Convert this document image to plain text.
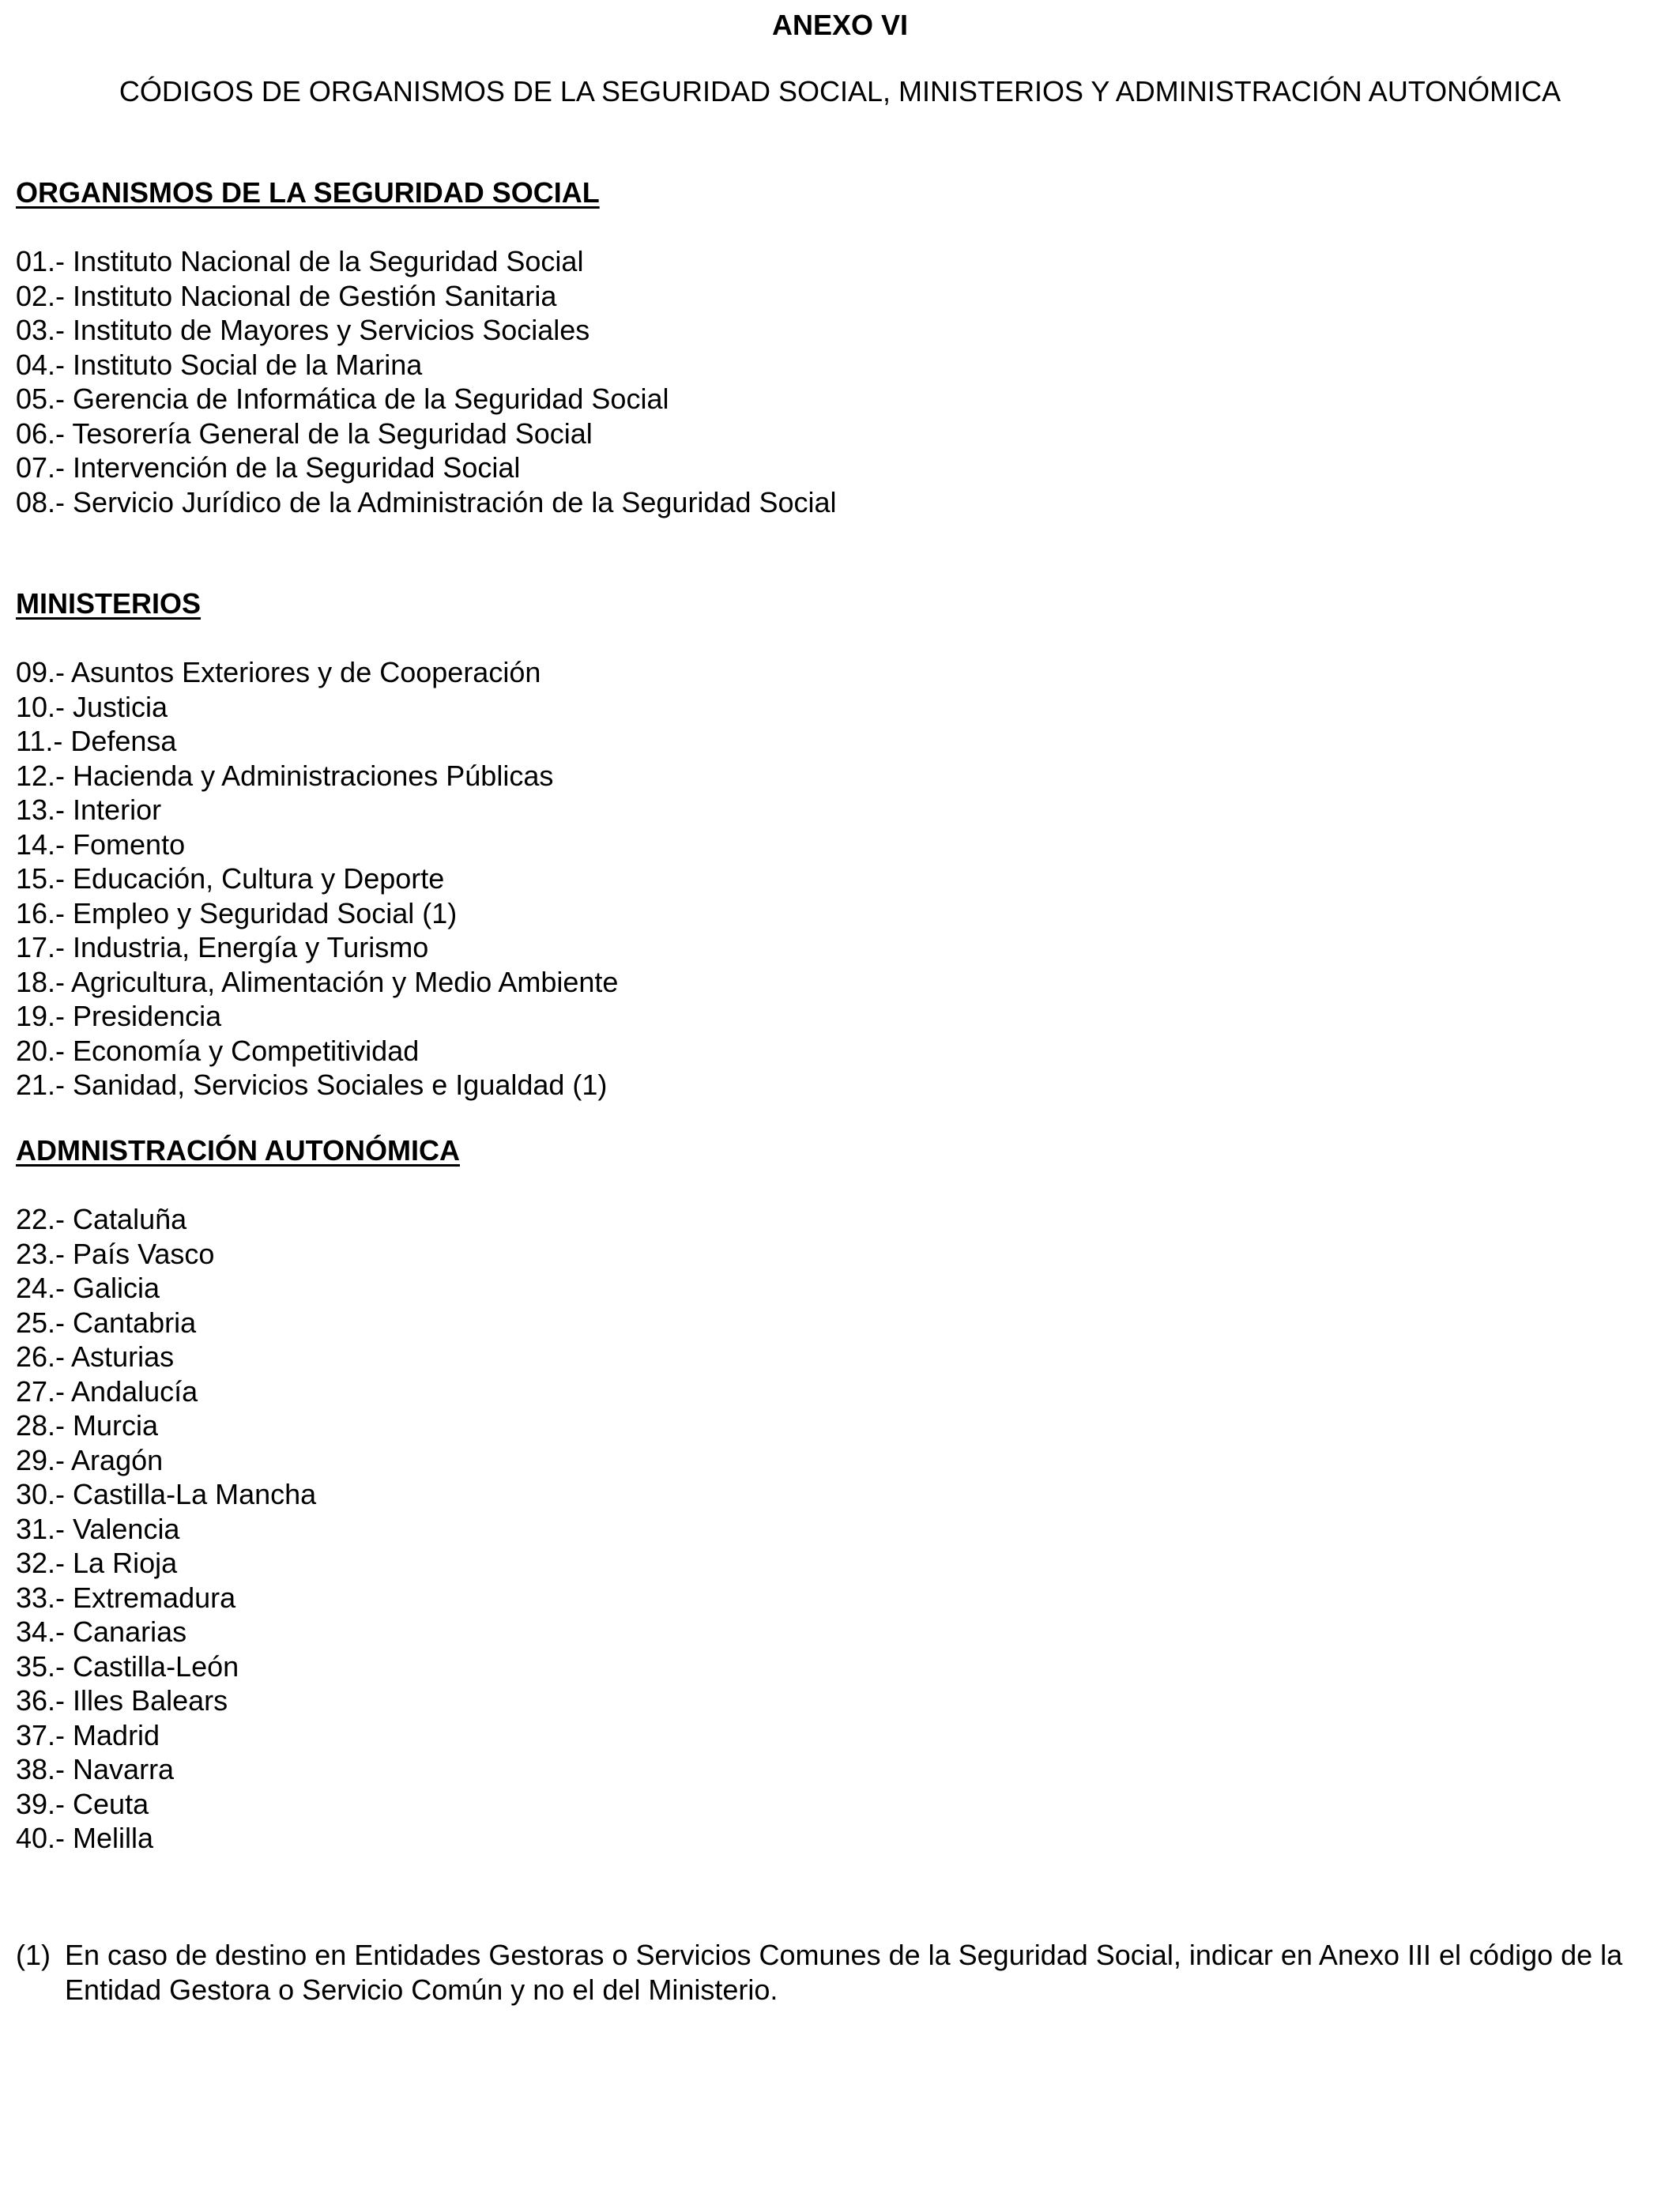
ANEXO VI
CÓDIGOS DE ORGANISMOS DE LA SEGURIDAD SOCIAL, MINISTERIOS Y ADMINISTRACIÓN AUTONÓMICA
ORGANISMOS DE LA SEGURIDAD SOCIAL
01.- Instituto Nacional de la Seguridad Social
02.- Instituto Nacional de Gestión Sanitaria
03.- Instituto de Mayores y Servicios Sociales
04.- Instituto Social de la Marina
05.- Gerencia de Informática de la Seguridad Social
06.- Tesorería General de la Seguridad Social
07.- Intervención de la Seguridad Social
08.- Servicio Jurídico de la Administración de la Seguridad Social
MINISTERIOS
09.- Asuntos Exteriores y de Cooperación
10.- Justicia
11.- Defensa
12.- Hacienda y Administraciones Públicas
13.- Interior
14.- Fomento
15.- Educación, Cultura y Deporte
16.- Empleo y Seguridad Social (1)
17.- Industria, Energía y Turismo
18.- Agricultura, Alimentación y Medio Ambiente
19.- Presidencia
20.- Economía y Competitividad
21.- Sanidad, Servicios Sociales e Igualdad (1)
ADMNISTRACIÓN AUTONÓMICA
22.- Cataluña
23.- País Vasco
24.- Galicia
25.- Cantabria
26.- Asturias
27.- Andalucía
28.- Murcia
29.- Aragón
30.- Castilla-La Mancha
31.- Valencia
32.- La Rioja
33.- Extremadura
34.- Canarias
35.- Castilla-León
36.- Illes Balears
37.- Madrid
38.- Navarra
39.- Ceuta
40.- Melilla
(1) En caso de destino en Entidades Gestoras o Servicios Comunes de la Seguridad Social, indicar en Anexo III el código de la Entidad Gestora o Servicio Común y no el del Ministerio.
